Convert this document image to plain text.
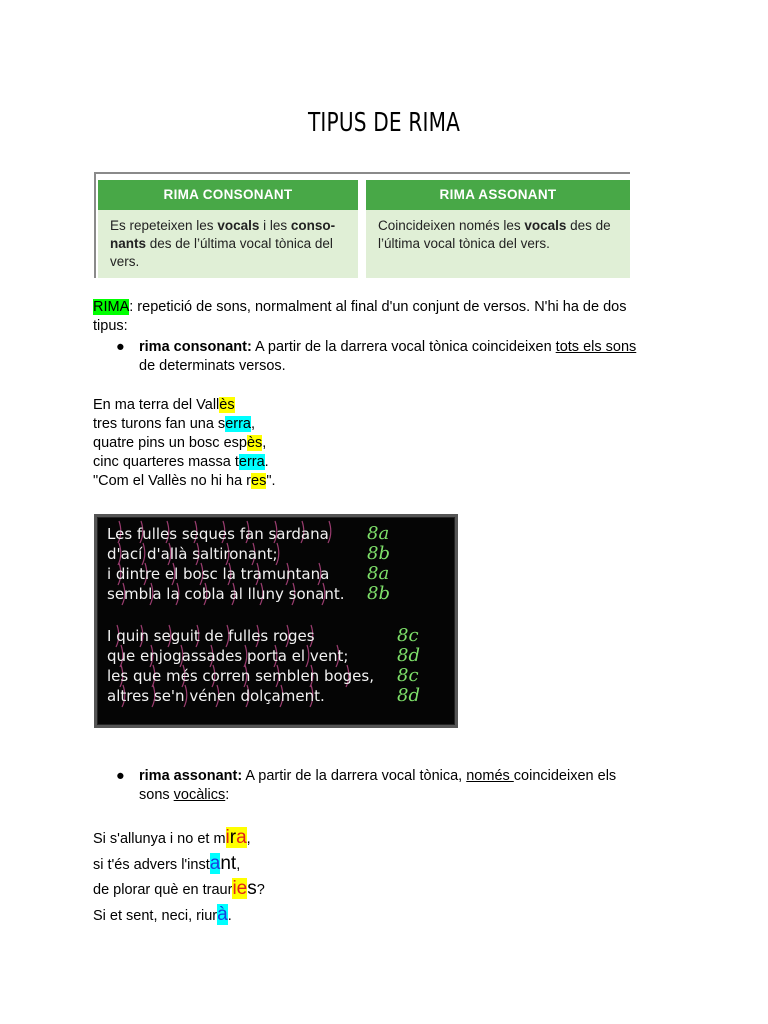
TIPUS DE RIMA
RIMA CONSONANT
Es repeteixen les vocals i les conso-nants des de l’última vocal tònica del vers.
RIMA ASSONANT
Coincideixen només les vocals des de l’última vocal tònica del vers.
RIMA: repetició de sons, normalment al final d'un conjunt de versos. N'hi ha de dos
tipus:
● rima consonant: A partir de la darrera vocal tònica coincideixen tots els sons
de determinats versos.
En ma terra del Vallès
tres turons fan una serra,
quatre pins un bosc espès,
cinc quarteres massa terra.
"Com el Vallès no hi ha res".
Les fulles seques fan sardana
d'ací d'allà saltironant;
i dintre el bosc la tramuntana
sembla la cobla al lluny sonant.
I quin seguit de fulles roges
que enjogassades porta el vent;
les que més corren semblen boges,
altres se'n vénen dolçament.
8a
8b
8a
8b
8c
8d
8c
8d
● rima assonant: A partir de la darrera vocal tònica, només coincideixen els
sons vocàlics:
Si s'allunya i no et mira,
si t'és advers l'instant,
de plorar què en trauries?
Si et sent, neci, riurà.
